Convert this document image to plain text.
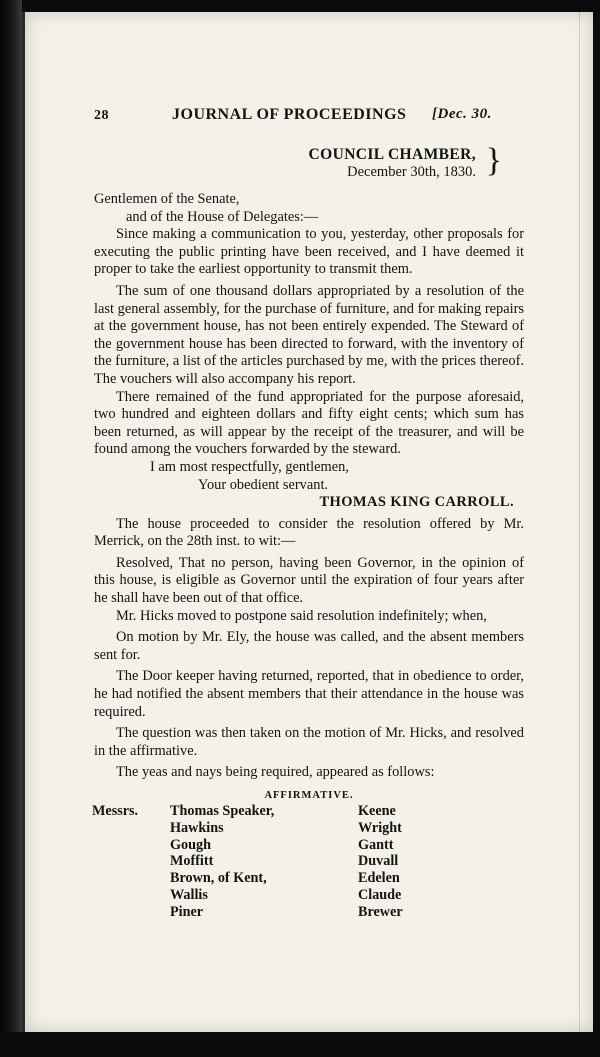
28	JOURNAL OF PROCEEDINGS [Dec. 30.
COUNCIL CHAMBER,
December 30th, 1830. }

Gentlemen of the Senate,

and of the House of Delegates:—

Since making a communication to you, yesterday, other proposals for executing the public printing have been received, and I have deemed it proper to take the earliest opportunity to transmit them.

The sum of one thousand dollars appropriated by a resolution of the last general assembly, for the purchase of furniture, and for making repairs at the government house, has not been entirely expended. The Steward of the government house has been directed to forward, with the inventory of the furniture, a list of the articles purchased by me, with the prices thereof. The vouchers will also accompany his report.

There remained of the fund appropriated for the purpose aforesaid, two hundred and eighteen dollars and fifty eight cents; which sum has been returned, as will appear by the receipt of the treasurer, and will be found among the vouchers forwarded by the steward.

I am most respectfully, gentlemen,

Your obedient servant.

THOMAS KING CARROLL.

The house proceeded to consider the resolution offered by Mr. Merrick, on the 28th inst. to wit:—

Resolved, That no person, having been Governor, in the opinion of this house, is eligible as Governor until the expiration of four years after he shall have been out of that office.

Mr. Hicks moved to postpone said resolution indefinitely; when,

On motion by Mr. Ely, the house was called, and the absent members sent for.

The Door keeper having returned, reported, that in obedience to order, he had notified the absent members that their attendance in the house was required.

The question was then taken on the motion of Mr. Hicks, and resolved in the affirmative.

The yeas and nays being required, appeared as follows:

AFFIRMATIVE.
Messrs. Thomas Speaker,
Hawkins
Gough
Moffitt
Brown, of Kent,
Wallis
Piner
Keene
Wright
Gantt
Duvall
Edelen
Claude
Brewer
